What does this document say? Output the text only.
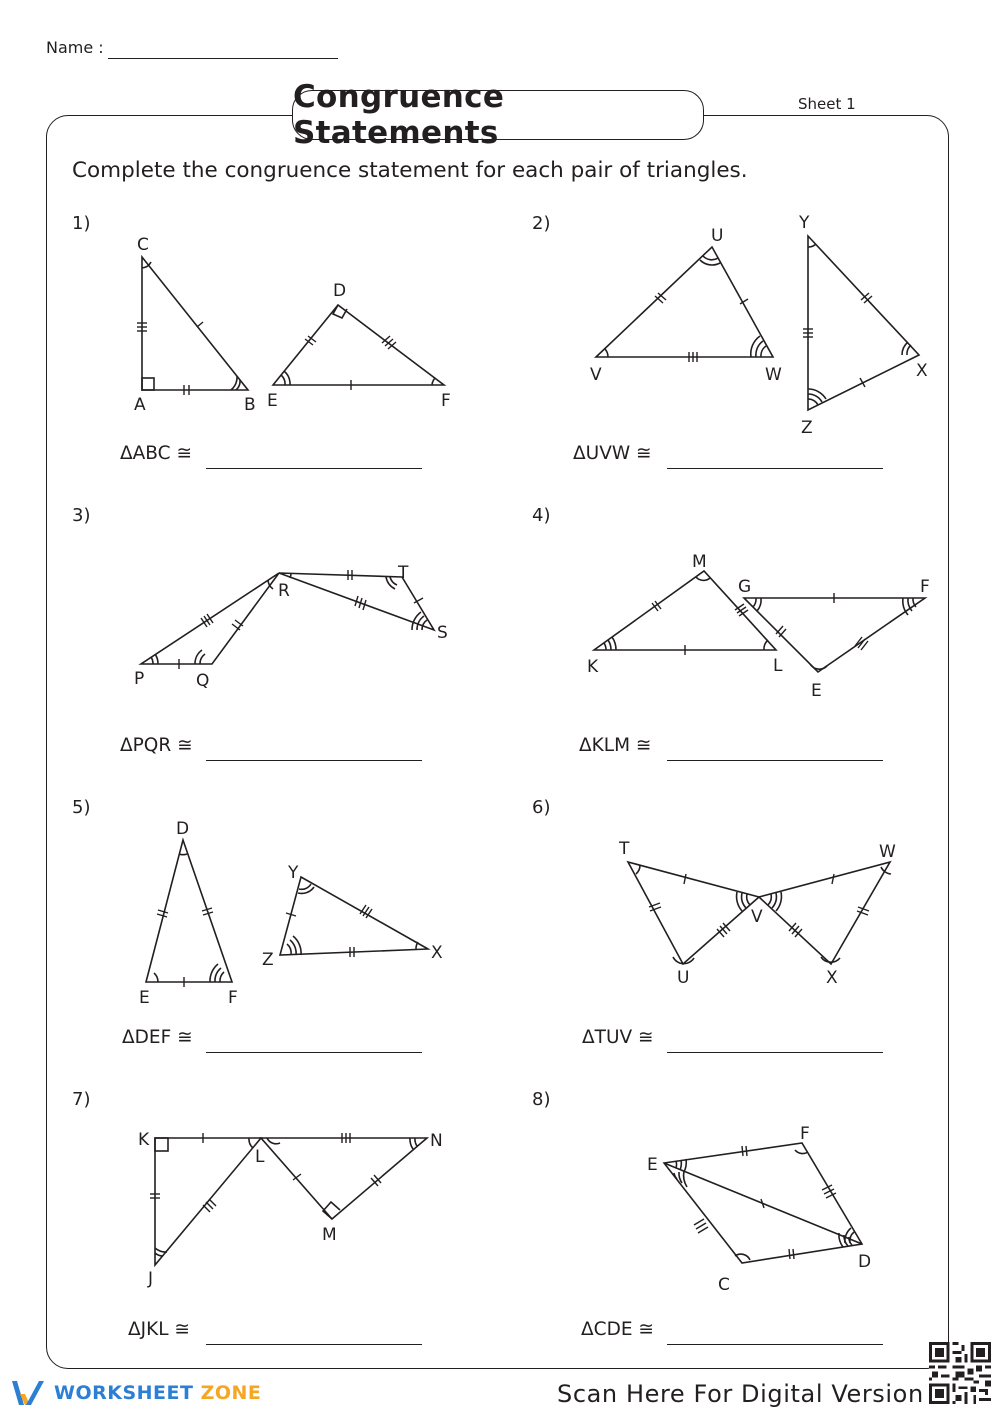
Name :
Congruence Statements
Sheet 1
Complete the congruence statement for each pair of triangles.
1)	2)
3)	4)
5)	6)
7)	8)
ΔABC ≅	ΔUVW ≅
ΔPQR ≅	ΔKLM ≅
ΔDEF ≅	ΔTUV ≅
ΔJKL ≅	ΔCDE ≅
C
A	B
D
E	F
U
V	W
Y
X
Z
R
T
S
P	Q
M
G	F
K	L
E
D
E	F
Y
Z	X
T	W
V
U	X
K
L
N
M
J
F
E
D
C
WORKSHEET ZONE	Scan Here For Digital Version
